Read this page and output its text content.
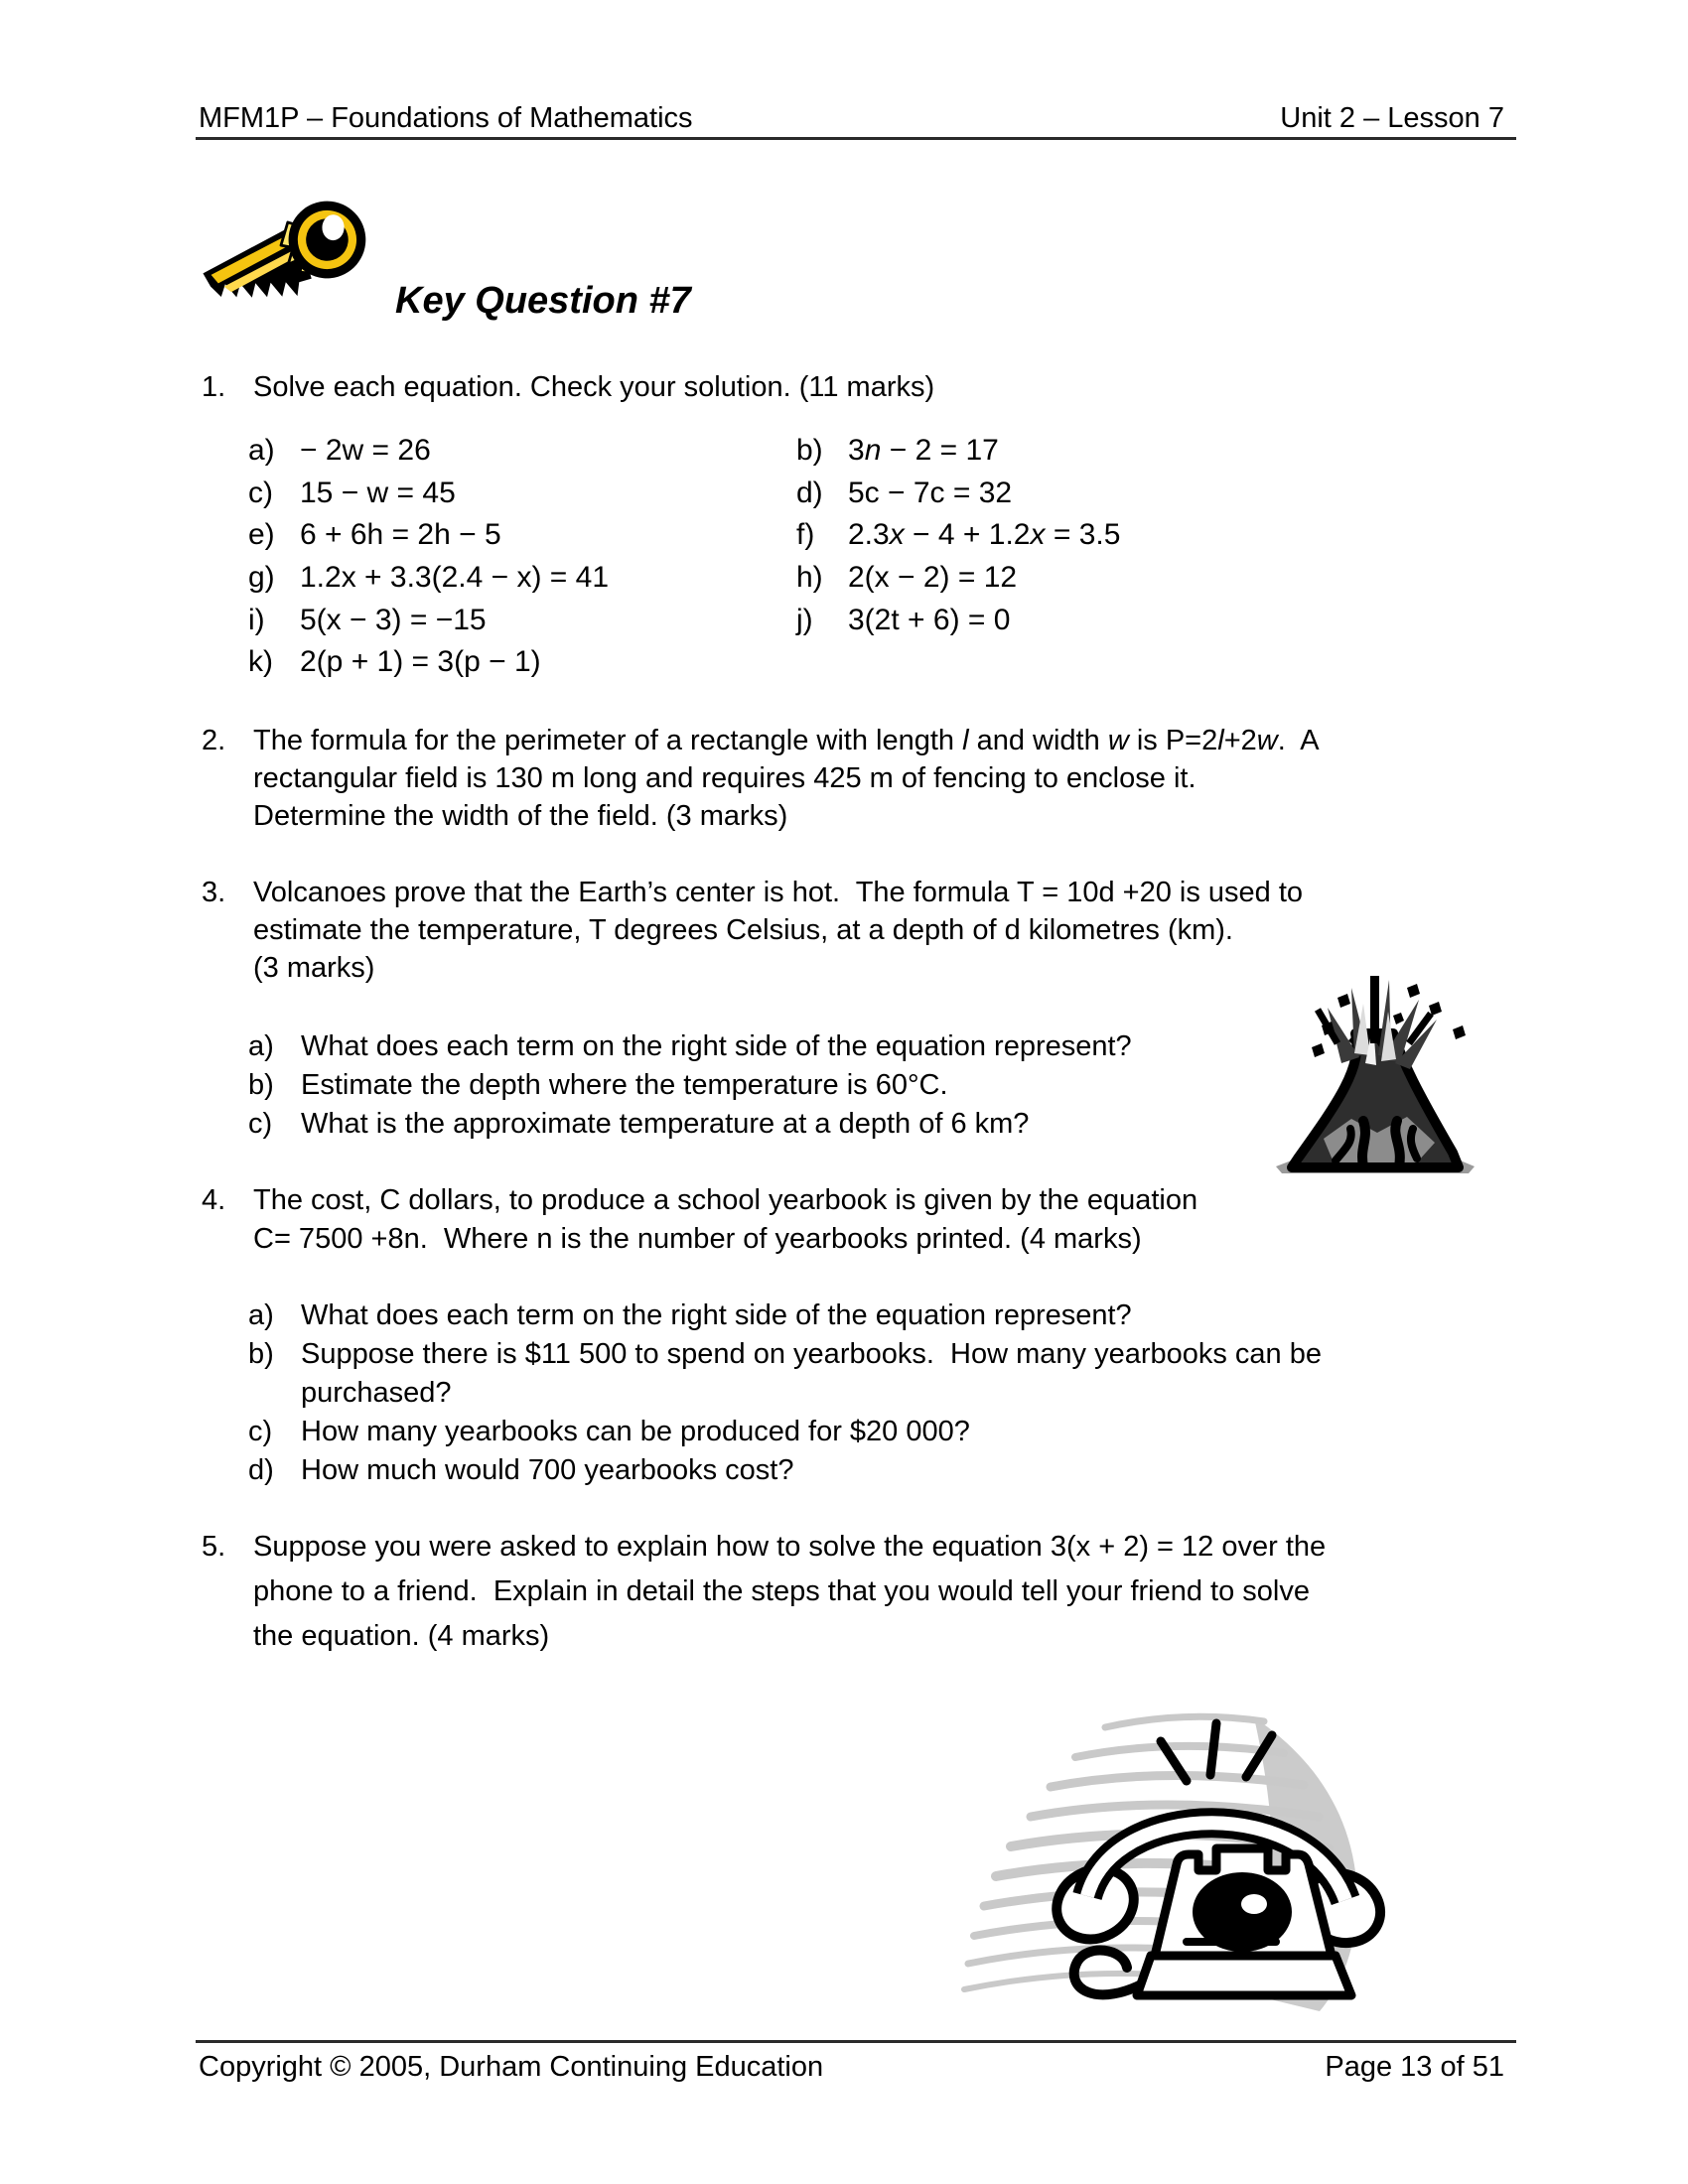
MFM1P – Foundations of Mathematics	Unit 2 – Lesson 7
Key Question #7
1. Solve each equation. Check your solution. (11 marks)
a) − 2w = 26	b) 3n − 2 = 17
c) 15 − w = 45	d) 5c − 7c = 32
e) 6 + 6h = 2h − 5	f) 2.3x − 4 + 1.2x = 3.5
g) 1.2x + 3.3(2.4 − x) = 41	h) 2(x − 2) = 12
i) 5(x − 3) = −15	j) 3(2t + 6) = 0
k) 2(p + 1) = 3(p − 1)
2. The formula for the perimeter of a rectangle with length l and width w is P=2l+2w.  A
rectangular field is 130 m long and requires 425 m of fencing to enclose it.
Determine the width of the field. (3 marks)
3. Volcanoes prove that the Earth’s center is hot.  The formula T = 10d +20 is used to
estimate the temperature, T degrees Celsius, at a depth of d kilometres (km).
(3 marks)
a) What does each term on the right side of the equation represent?
b) Estimate the depth where the temperature is 60°C.
c) What is the approximate temperature at a depth of 6 km?
4. The cost, C dollars, to produce a school yearbook is given by the equation
C= 7500 +8n.  Where n is the number of yearbooks printed. (4 marks)
a) What does each term on the right side of the equation represent?
b) Suppose there is $11 500 to spend on yearbooks.  How many yearbooks can be
purchased?
c) How many yearbooks can be produced for $20 000?
d) How much would 700 yearbooks cost?
5. Suppose you were asked to explain how to solve the equation 3(x + 2) = 12 over the
phone to a friend.  Explain in detail the steps that you would tell your friend to solve
the equation. (4 marks)
Copyright © 2005, Durham Continuing Education	Page 13 of 51
